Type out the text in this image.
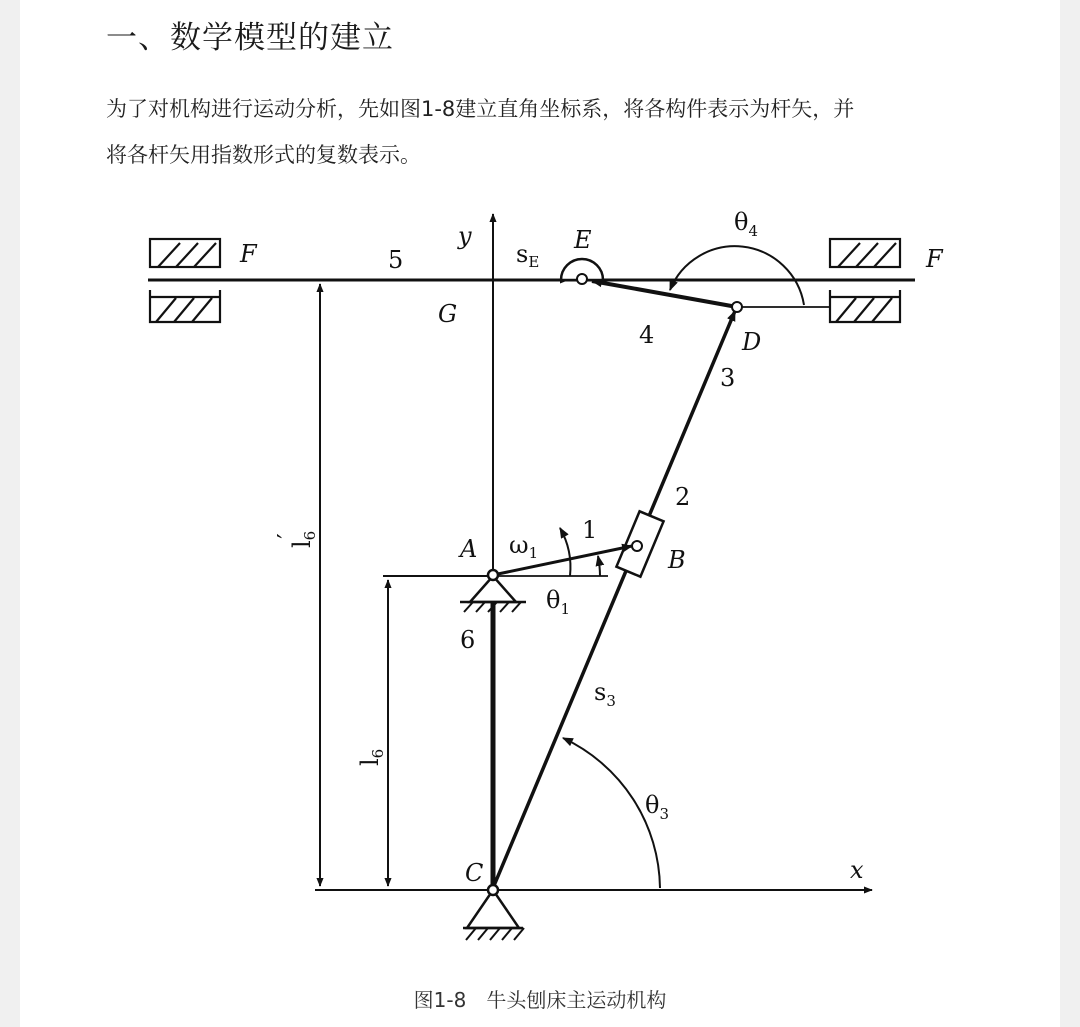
一、数学模型的建立
为了对机构进行运动分析，先如图1-8建立直角坐标系，将各构件表示为杆矢，并
将各杆矢用指数形式的复数表示。
F	F
5
y
$s_E$
E
$\theta_4$
G
4	D
3
2
$l_6'$	A $\omega_1$
1
B
$\theta_1$
6
$s_3$
$l_6$
$\theta_3$
C	x
图1-8　牛头刨床主运动机构
